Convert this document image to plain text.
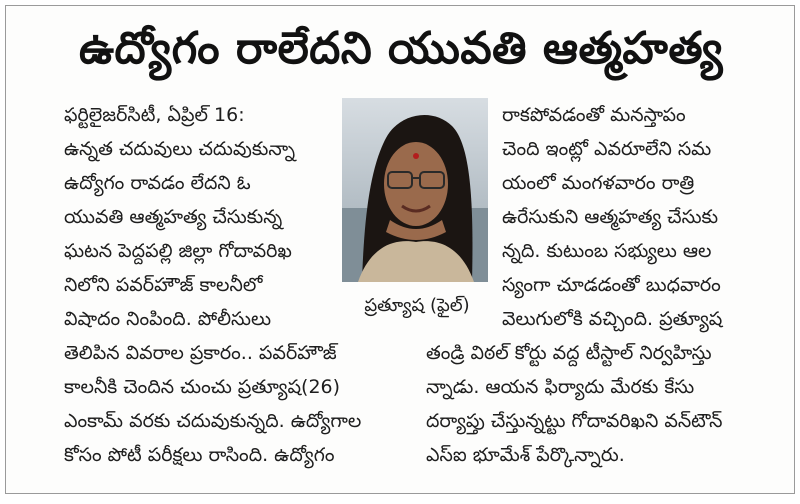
ఉద్యోగం రాలేదని యువతి ఆత్మహత్య
ఫర్టిలైజర్‌సిటీ, ఏప్రిల్ 16:
ఉన్నత చదువులు చదువుకున్నా
ఉద్యోగం రావడం లేదని ఓ
యువతి ఆత్మహత్య చేసుకున్న
ఘటన పెద్దపల్లి జిల్లా గోదావరిఖ
నిలోని పవర్‌హౌజ్ కాలనీలో
విషాదం నింపింది. పోలీసులు
ప్రత్యూష (ఫైల్)
రాకపోవడంతో మనస్తాపం
చెంది ఇంట్లో ఎవరూలేని సమ
యంలో మంగళవారం రాత్రి
ఉరేసుకుని ఆత్మహత్య చేసుకు
న్నది. కుటుంబ సభ్యులు ఆల
స్యంగా చూడడంతో బుధవారం
వెలుగులోకి వచ్చింది. ప్రత్యూష
తెలిపిన వివరాల ప్రకారం.. పవర్‌హౌజ్
కాలనీకి చెందిన చుంచు ప్రత్యూష(26)
ఎంకామ్ వరకు చదువుకున్నది. ఉద్యోగాల
కోసం పోటీ పరీక్షలు రాసింది. ఉద్యోగం
తండ్రి విఠల్ కోర్టు వద్ద టీస్టాల్ నిర్వహిస్తు
న్నాడు. ఆయన ఫిర్యాదు మేరకు కేసు
దర్యాప్తు చేస్తున్నట్టు గోదావరిఖని వన్‌టౌన్
ఎస్ఐ భూమేశ్ పేర్కొన్నారు.
